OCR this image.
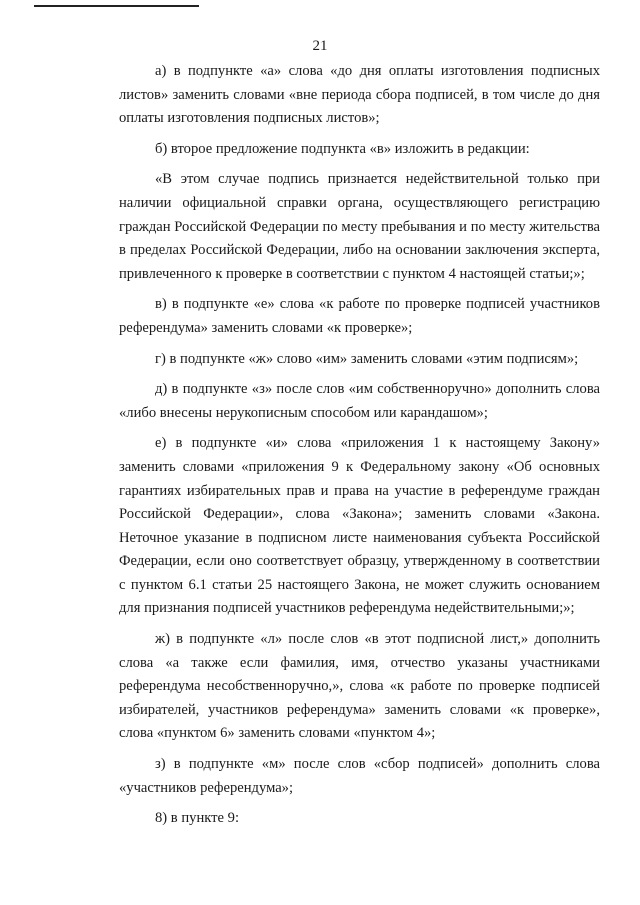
21

а) в подпункте «а» слова «до дня оплаты изготовления подписных листов» заменить словами «вне периода сбора подписей, в том числе до дня оплаты изготовления подписных листов»;

б) второе предложение подпункта «в» изложить в редакции:

«В этом случае подпись признается недействительной только при наличии официальной справки органа, осуществляющего регистрацию граждан Российской Федерации по месту пребывания и по месту жительства в пределах Российской Федерации, либо на основании заключения эксперта, привлеченного к проверке в соответствии с пунктом 4 настоящей статьи;»;

в) в подпункте «е» слова «к работе по проверке подписей участников референдума» заменить словами «к проверке»;

г) в подпункте «ж» слово «им» заменить словами «этим подписям»;

д) в подпункте «з» после слов «им собственноручно» дополнить слова «либо внесены нерукописным способом или карандашом»;

е) в подпункте «и» слова «приложения 1 к настоящему Закону» заменить словами «приложения 9 к Федеральному закону «Об основных гарантиях избирательных прав и права на участие в референдуме граждан Российской Федерации», слова «Закона»; заменить словами «Закона. Неточное указание в подписном листе наименования субъекта Российской Федерации, если оно соответствует образцу, утвержденному в соответствии с пунктом 6.1 статьи 25 настоящего Закона, не может служить основанием для признания подписей участников референдума недействительными;»;

ж) в подпункте «л» после слов «в этот подписной лист,» дополнить слова «а также если фамилия, имя, отчество указаны участниками референдума несобственноручно,», слова «к работе по проверке подписей избирателей, участников референдума» заменить словами «к проверке», слова «пунктом 6» заменить словами «пунктом 4»;

з) в подпункте «м» после слов «сбор подписей» дополнить слова «участников референдума»;

8) в пункте 9:
